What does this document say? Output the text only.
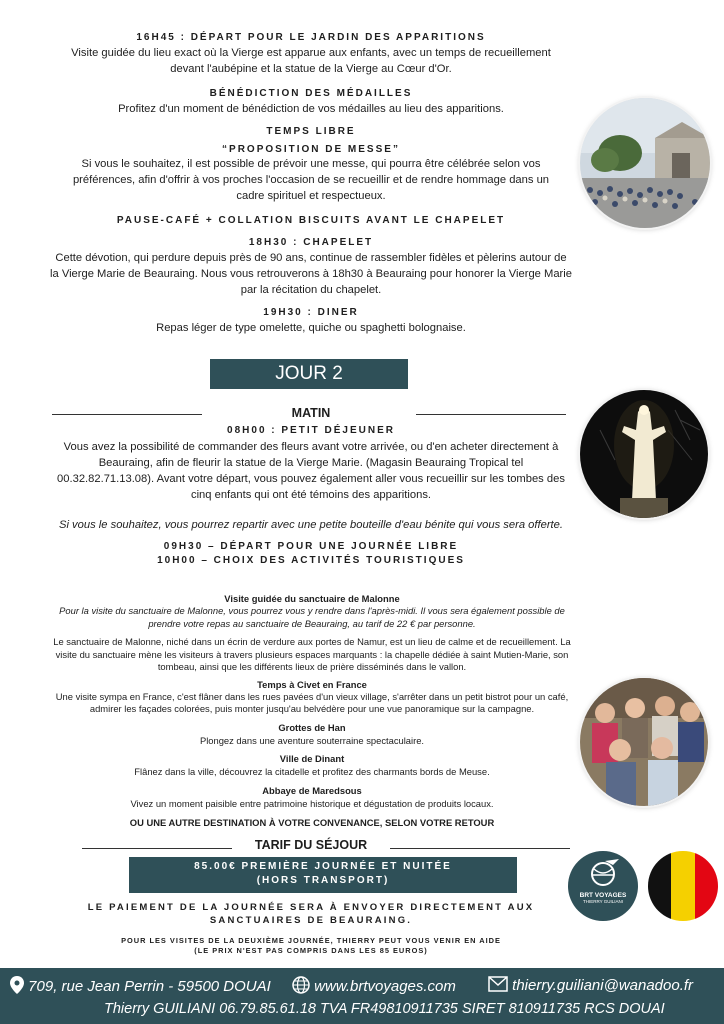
16H45 : DÉPART POUR LE JARDIN DES APPARITIONS

Visite guidée du lieu exact où la Vierge est apparue aux enfants, avec un temps de recueillement devant l'aubépine et la statue de la Vierge au Cœur d'Or.

BÉNÉDICTION DES MÉDAILLES

Profitez d'un moment de bénédiction de vos médailles au lieu des apparitions.

TEMPS LIBRE

“PROPOSITION DE MESSE”

Si vous le souhaitez, il est possible de prévoir une messe, qui pourra être célébrée selon vos préférences, afin d'offrir à vos proches l'occasion de se recueillir et de rendre hommage dans un cadre spirituel et respectueux.

PAUSE-CAFÉ + COLLATION BISCUITS AVANT LE CHAPELET

18H30 : CHAPELET

Cette dévotion, qui perdure depuis près de 90 ans, continue de rassembler fidèles et pèlerins autour de la Vierge Marie de Beauraing. Nous vous retrouverons à 18h30 à Beauraing pour honorer la Vierge Marie par la récitation du chapelet.

19H30 : DINER

Repas léger de type omelette, quiche ou spaghetti bolognaise.

JOUR 2

MATIN

08H00 : PETIT DÉJEUNER

Vous avez la possibilité de commander des fleurs avant votre arrivée, ou d'en acheter directement à Beauraing, afin de fleurir la statue de la Vierge Marie. (Magasin Beauraing Tropical tel 00.32.82.71.13.08). Avant votre départ, vous pouvez également aller vous recueillir sur les tombes des cinq enfants qui ont été témoins des apparitions.

Si vous le souhaitez, vous pourrez repartir avec une petite bouteille d'eau bénite qui vous sera offerte.

09H30 – DÉPART POUR UNE JOURNÉE LIBRE

10H00 – CHOIX DES ACTIVITÉS TOURISTIQUES

Visite guidée du sanctuaire de Malonne

Pour la visite du sanctuaire de Malonne, vous pourrez vous y rendre dans l'après-midi. Il vous sera également possible de prendre votre repas au sanctuaire de Beauraing, au tarif de 22 € par personne.

Le sanctuaire de Malonne, niché dans un écrin de verdure aux portes de Namur, est un lieu de calme et de recueillement. La visite du sanctuaire mène les visiteurs à travers plusieurs espaces marquants : la chapelle dédiée à saint Mutien-Marie, son tombeau, ainsi que les différents lieux de prière disséminés dans le vallon.

Temps à Civet en France

Une visite sympa en France, c'est flâner dans les rues pavées d'un vieux village, s'arrêter dans un petit bistrot pour un café, admirer les façades colorées, puis monter jusqu'au belvédère pour une vue panoramique sur la campagne.

Grottes de Han

Plongez dans une aventure souterraine spectaculaire.

Ville de Dinant

Flânez dans la ville, découvrez la citadelle et profitez des charmants bords de Meuse.

Abbaye de Maredsous

Vivez un moment paisible entre patrimoine historique et dégustation de produits locaux.

OU UNE AUTRE DESTINATION À VOTRE CONVENANCE, SELON VOTRE RETOUR

TARIF DU SÉJOUR
85.00€ PREMIÈRE JOURNÉE ET NUITÉE
(HORS TRANSPORT)
LE PAIEMENT DE LA JOURNÉE SERA À ENVOYER DIRECTEMENT AUX
SANCTUAIRES DE BEAURAING.
POUR LES VISITES DE LA DEUXIÈME JOURNÉE, THIERRY PEUT VOUS VENIR EN AIDE
(LE PRIX N'EST PAS COMPRIS DANS LES 85 EUROS)
BRT VOYAGES
THIERRY GUILIANI
709, rue Jean Perrin - 59500 DOUAI	www.brtvoyages.com	thierry.guiliani@wanadoo.fr
Thierry GUILIANI 06.79.85.61.18 TVA FR49810911735 SIRET 810911735 RCS DOUAI
